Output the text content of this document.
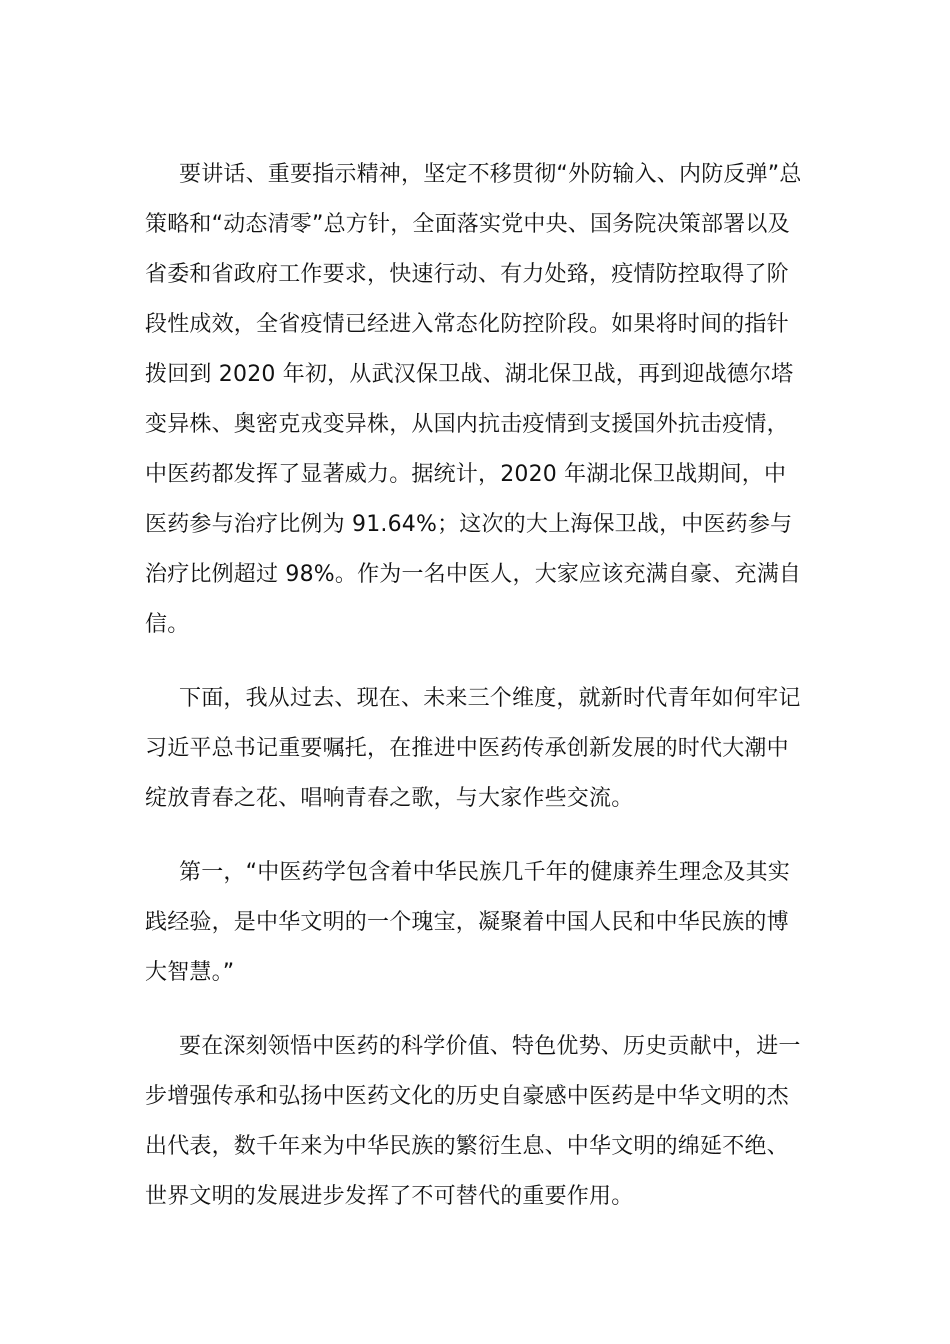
要讲话、重要指示精神，坚定不移贯彻“外防输入、内防反弹”总
策略和“动态清零”总方针，全面落实党中央、国务院决策部署以及
省委和省政府工作要求，快速行动、有力处臵，疫情防控取得了阶
段性成效，全省疫情已经进入常态化防控阶段。如果将时间的指针
拨回到 2020 年初，从武汉保卫战、湖北保卫战，再到迎战德尔塔
变异株、奥密克戎变异株，从国内抗击疫情到支援国外抗击疫情，
中医药都发挥了显著威力。据统计，2020 年湖北保卫战期间，中
医药参与治疗比例为 91.64%；这次的大上海保卫战，中医药参与
治疗比例超过 98%。作为一名中医人，大家应该充满自豪、充满自
信。

下面，我从过去、现在、未来三个维度，就新时代青年如何牢记
习近平总书记重要嘱托，在推进中医药传承创新发展的时代大潮中
绽放青春之花、唱响青春之歌，与大家作些交流。

第一，“中医药学包含着中华民族几千年的健康养生理念及其实
践经验，是中华文明的一个瑰宝，凝聚着中国人民和中华民族的博
大智慧。”

要在深刻领悟中医药的科学价值、特色优势、历史贡献中，进一
步增强传承和弘扬中医药文化的历史自豪感中医药是中华文明的杰
出代表，数千年来为中华民族的繁衍生息、中华文明的绵延不绝、
世界文明的发展进步发挥了不可替代的重要作用。
